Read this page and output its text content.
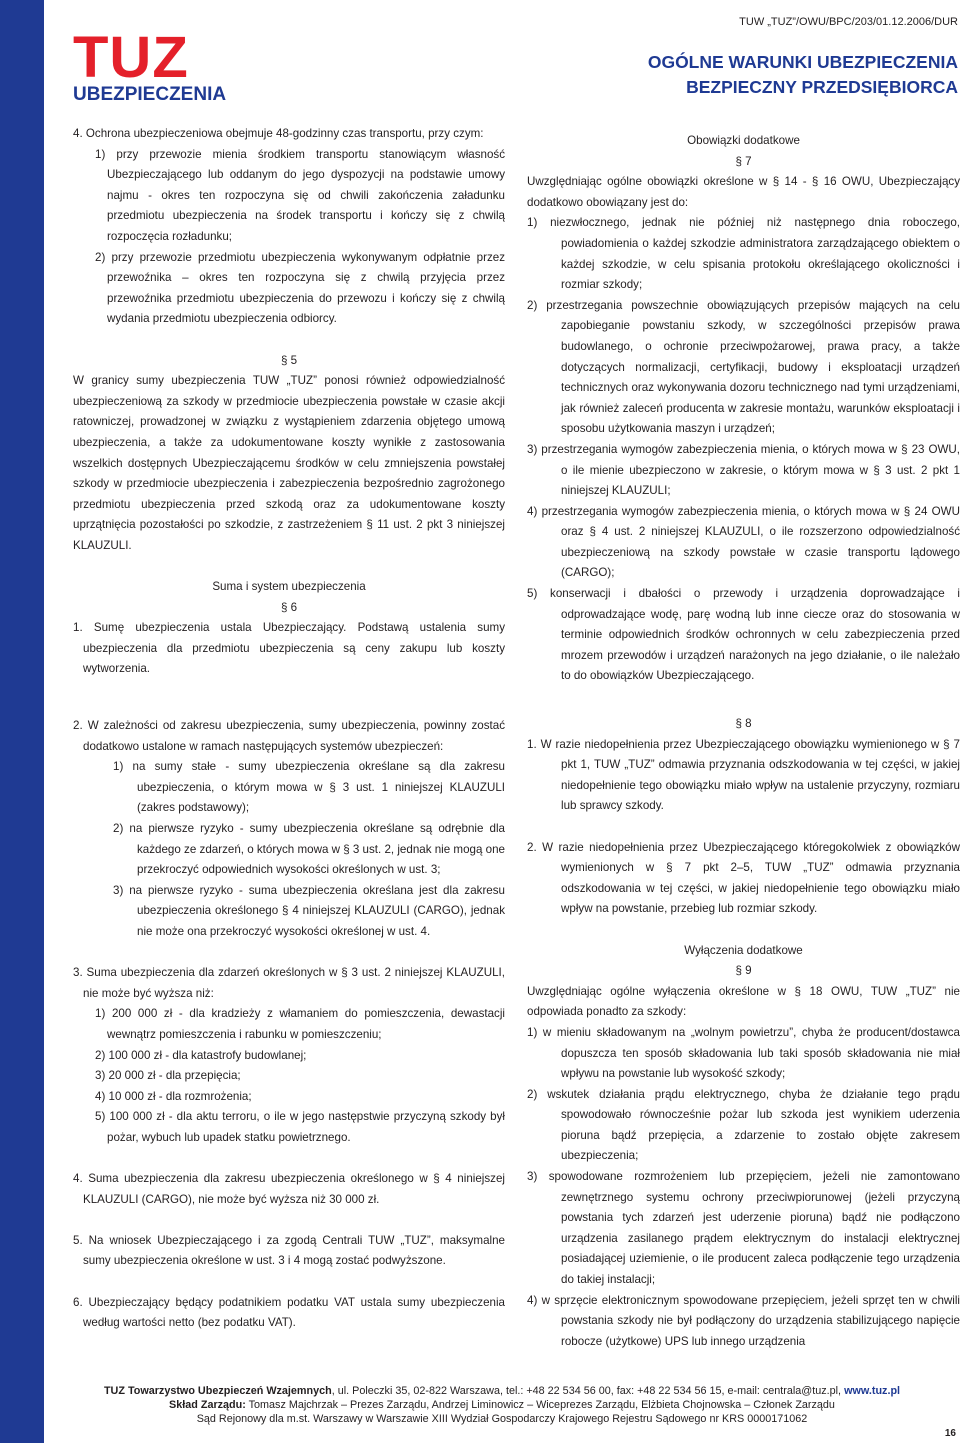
TUZ
UBEZPIECZENIA
TUW „TUZ”/OWU/BPC/203/01.12.2006/DUR
OGÓLNE WARUNKI UBEZPIECZENIA
BEZPIECZNY PRZEDSIĘBIORCA

4. Ochrona ubezpieczeniowa obejmuje 48-godzinny czas transportu, przy czym:

1) przy przewozie mienia środkiem transportu stanowiącym własność Ubezpieczającego lub oddanym do jego dyspozycji na podstawie umowy najmu - okres ten rozpoczyna się od chwili zakończenia załadunku przedmiotu ubezpieczenia na środek transportu i kończy się z chwilą rozpoczęcia rozładunku;

2) przy przewozie przedmiotu ubezpieczenia wykonywanym odpłatnie przez przewoźnika – okres ten rozpoczyna się z chwilą przyjęcia przez przewoźnika przedmiotu ubezpieczenia do przewozu i kończy się z chwilą wydania przedmiotu ubezpieczenia odbiorcy.

§ 5

W granicy sumy ubezpieczenia TUW „TUZ” ponosi również odpowiedzialność ubezpieczeniową za szkody w przedmiocie ubezpieczenia powstałe w czasie akcji ratowniczej, prowadzonej w związku z wystąpieniem zdarzenia objętego umową ubezpieczenia, a także za udokumentowane koszty wynikłe z zastosowania wszelkich dostępnych Ubezpieczającemu środków w celu zmniejszenia powstałej szkody w przedmiocie ubezpieczenia i zabezpieczenia bezpośrednio zagrożonego przedmiotu ubezpieczenia przed szkodą oraz za udokumentowane koszty uprzątnięcia pozostałości po szkodzie, z zastrzeżeniem § 11 ust. 2 pkt 3 niniejszej KLAUZULI.

Suma i system ubezpieczenia

§ 6

1. Sumę ubezpieczenia ustala Ubezpieczający. Podstawą ustalenia sumy ubezpieczenia dla przedmiotu ubezpieczenia są ceny zakupu lub koszty wytworzenia.

2. W zależności od zakresu ubezpieczenia, sumy ubezpieczenia, powinny zostać dodatkowo ustalone w ramach następujących systemów ubezpieczeń:

1) na sumy stałe - sumy ubezpieczenia określane są dla zakresu ubezpieczenia, o którym mowa w § 3 ust. 1 niniejszej KLAUZULI (zakres podstawowy);

2) na pierwsze ryzyko - sumy ubezpieczenia określane są odrębnie dla każdego ze zdarzeń, o których mowa w § 3 ust. 2, jednak nie mogą one przekroczyć odpowiednich wysokości określonych w ust. 3;

3) na pierwsze ryzyko - suma ubezpieczenia określana jest dla zakresu ubezpieczenia określonego § 4 niniejszej KLAUZULI (CARGO), jednak nie może ona przekroczyć wysokości określonej w ust. 4.

3. Suma ubezpieczenia dla zdarzeń określonych w § 3 ust. 2 niniejszej KLAUZULI, nie może być wyższa niż:

1) 200 000 zł - dla kradzieży z włamaniem do pomieszczenia, dewastacji wewnątrz pomieszczenia i rabunku w pomieszczeniu;

2) 100 000 zł - dla katastrofy budowlanej;

3) 20 000 zł - dla przepięcia;

4) 10 000 zł - dla rozmrożenia;

5) 100 000 zł - dla aktu terroru, o ile w jego następstwie przyczyną szkody był pożar, wybuch lub upadek statku powietrznego.

4. Suma ubezpieczenia dla zakresu ubezpieczenia określonego w § 4 niniejszej KLAUZULI (CARGO), nie może być wyższa niż 30 000 zł.

5. Na wniosek Ubezpieczającego i za zgodą Centrali TUW „TUZ”, maksymalne sumy ubezpieczenia określone w ust. 3 i 4 mogą zostać podwyższone.

6. Ubezpieczający będący podatnikiem podatku VAT ustala sumy ubezpieczenia według wartości netto (bez podatku VAT).

Obowiązki dodatkowe

§ 7

Uwzględniając ogólne obowiązki określone w § 14 - § 16 OWU, Ubezpieczający dodatkowo obowiązany jest do:

1) niezwłocznego, jednak nie później niż następnego dnia roboczego, powiadomienia o każdej szkodzie administratora zarządzającego obiektem o każdej szkodzie, w celu spisania protokołu określającego okoliczności i rozmiar szkody;

2) przestrzegania powszechnie obowiązujących przepisów mających na celu zapobieganie powstaniu szkody, w szczególności przepisów prawa budowlanego, o ochronie przeciwpożarowej, prawa pracy, a także dotyczących normalizacji, certyfikacji, budowy i eksploatacji urządzeń technicznych oraz wykonywania dozoru technicznego nad tymi urządzeniami, jak również zaleceń producenta w zakresie montażu, warunków eksploatacji i sposobu użytkowania maszyn i urządzeń;

3) przestrzegania wymogów zabezpieczenia mienia, o których mowa w § 23 OWU, o ile mienie ubezpieczono w zakresie, o którym mowa w § 3 ust. 2 pkt 1 niniejszej KLAUZULI;

4) przestrzegania wymogów zabezpieczenia mienia, o których mowa w § 24 OWU oraz § 4 ust. 2 niniejszej KLAUZULI, o ile rozszerzono odpowiedzialność ubezpieczeniową na szkody powstałe w czasie transportu lądowego (CARGO);

5) konserwacji i dbałości o przewody i urządzenia doprowadzające i odprowadzające wodę, parę wodną lub inne ciecze oraz do stosowania w terminie odpowiednich środków ochronnych w celu zabezpieczenia przed mrozem przewodów i urządzeń narażonych na jego działanie, o ile należało to do obowiązków Ubezpieczającego.

§ 8

1. W razie niedopełnienia przez Ubezpieczającego obowiązku wymienionego w § 7 pkt 1, TUW „TUZ” odmawia przyznania odszkodowania w tej części, w jakiej niedopełnienie tego obowiązku miało wpływ na ustalenie przyczyny, rozmiaru lub sprawcy szkody.

2. W razie niedopełnienia przez Ubezpieczającego któregokolwiek z obowiązków wymienionych w § 7 pkt 2–5, TUW „TUZ” odmawia przyznania odszkodowania w tej części, w jakiej niedopełnienie tego obowiązku miało wpływ na powstanie, przebieg lub rozmiar szkody.

Wyłączenia dodatkowe

§ 9

Uwzględniając ogólne wyłączenia określone w § 18 OWU, TUW „TUZ” nie odpowiada ponadto za szkody:

1) w mieniu składowanym na „wolnym powietrzu”, chyba że producent/dostawca dopuszcza ten sposób składowania lub taki sposób składowania nie miał wpływu na powstanie lub wysokość szkody;

2) wskutek działania prądu elektrycznego, chyba że działanie tego prądu spowodowało równocześnie pożar lub szkoda jest wynikiem uderzenia pioruna bądź przepięcia, a zdarzenie to zostało objęte zakresem ubezpieczenia;

3) spowodowane rozmrożeniem lub przepięciem, jeżeli nie zamontowano zewnętrznego systemu ochrony przeciwpiorunowej (jeżeli przyczyną powstania tych zdarzeń jest uderzenie pioruna) bądź nie podłączono urządzenia zasilanego prądem elektrycznym do instalacji elektrycznej posiadającej uziemienie, o ile producent zaleca podłączenie tego urządzenia do takiej instalacji;

4) w sprzęcie elektronicznym spowodowane przepięciem, jeżeli sprzęt ten w chwili powstania szkody nie był podłączony do urządzenia stabilizującego napięcie robocze (użytkowe) UPS lub innego urządzenia

TUZ Towarzystwo Ubezpieczeń Wzajemnych, ul. Poleczki 35, 02-822 Warszawa, tel.: +48 22 534 56 00, fax: +48 22 534 56 15, e-mail: centrala@tuz.pl, www.tuz.pl
Skład Zarządu: Tomasz Majchrzak – Prezes Zarządu, Andrzej Liminowicz – Wiceprezes Zarządu, Elżbieta Chojnowska – Członek Zarządu
Sąd Rejonowy dla m.st. Warszawy w Warszawie XIII Wydział Gospodarczy Krajowego Rejestru Sądowego nr KRS 0000171062
16
